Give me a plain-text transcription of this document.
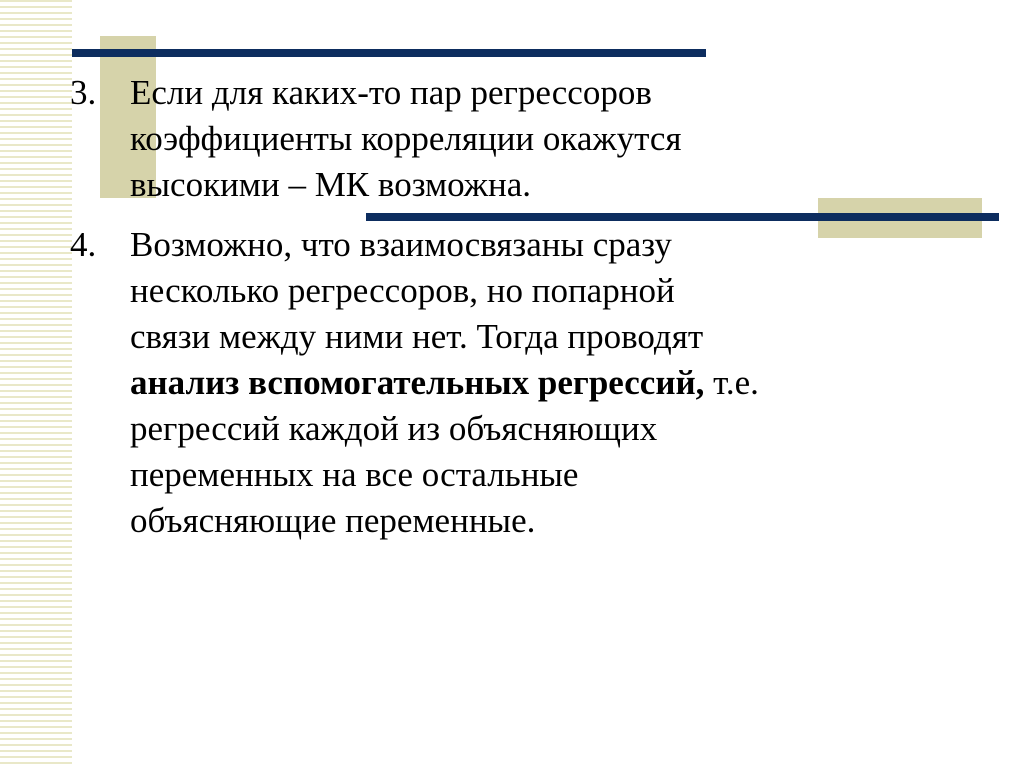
3. Если для каких-то пар регрессоров
коэффициенты корреляции окажутся
высокими – МК возможна.
4. Возможно, что взаимосвязаны сразу
несколько регрессоров, но попарной
связи между ними нет. Тогда проводят
анализ вспомогательных регрессий, т.е.
регрессий каждой из объясняющих
переменных на все остальные
объясняющие переменные.
